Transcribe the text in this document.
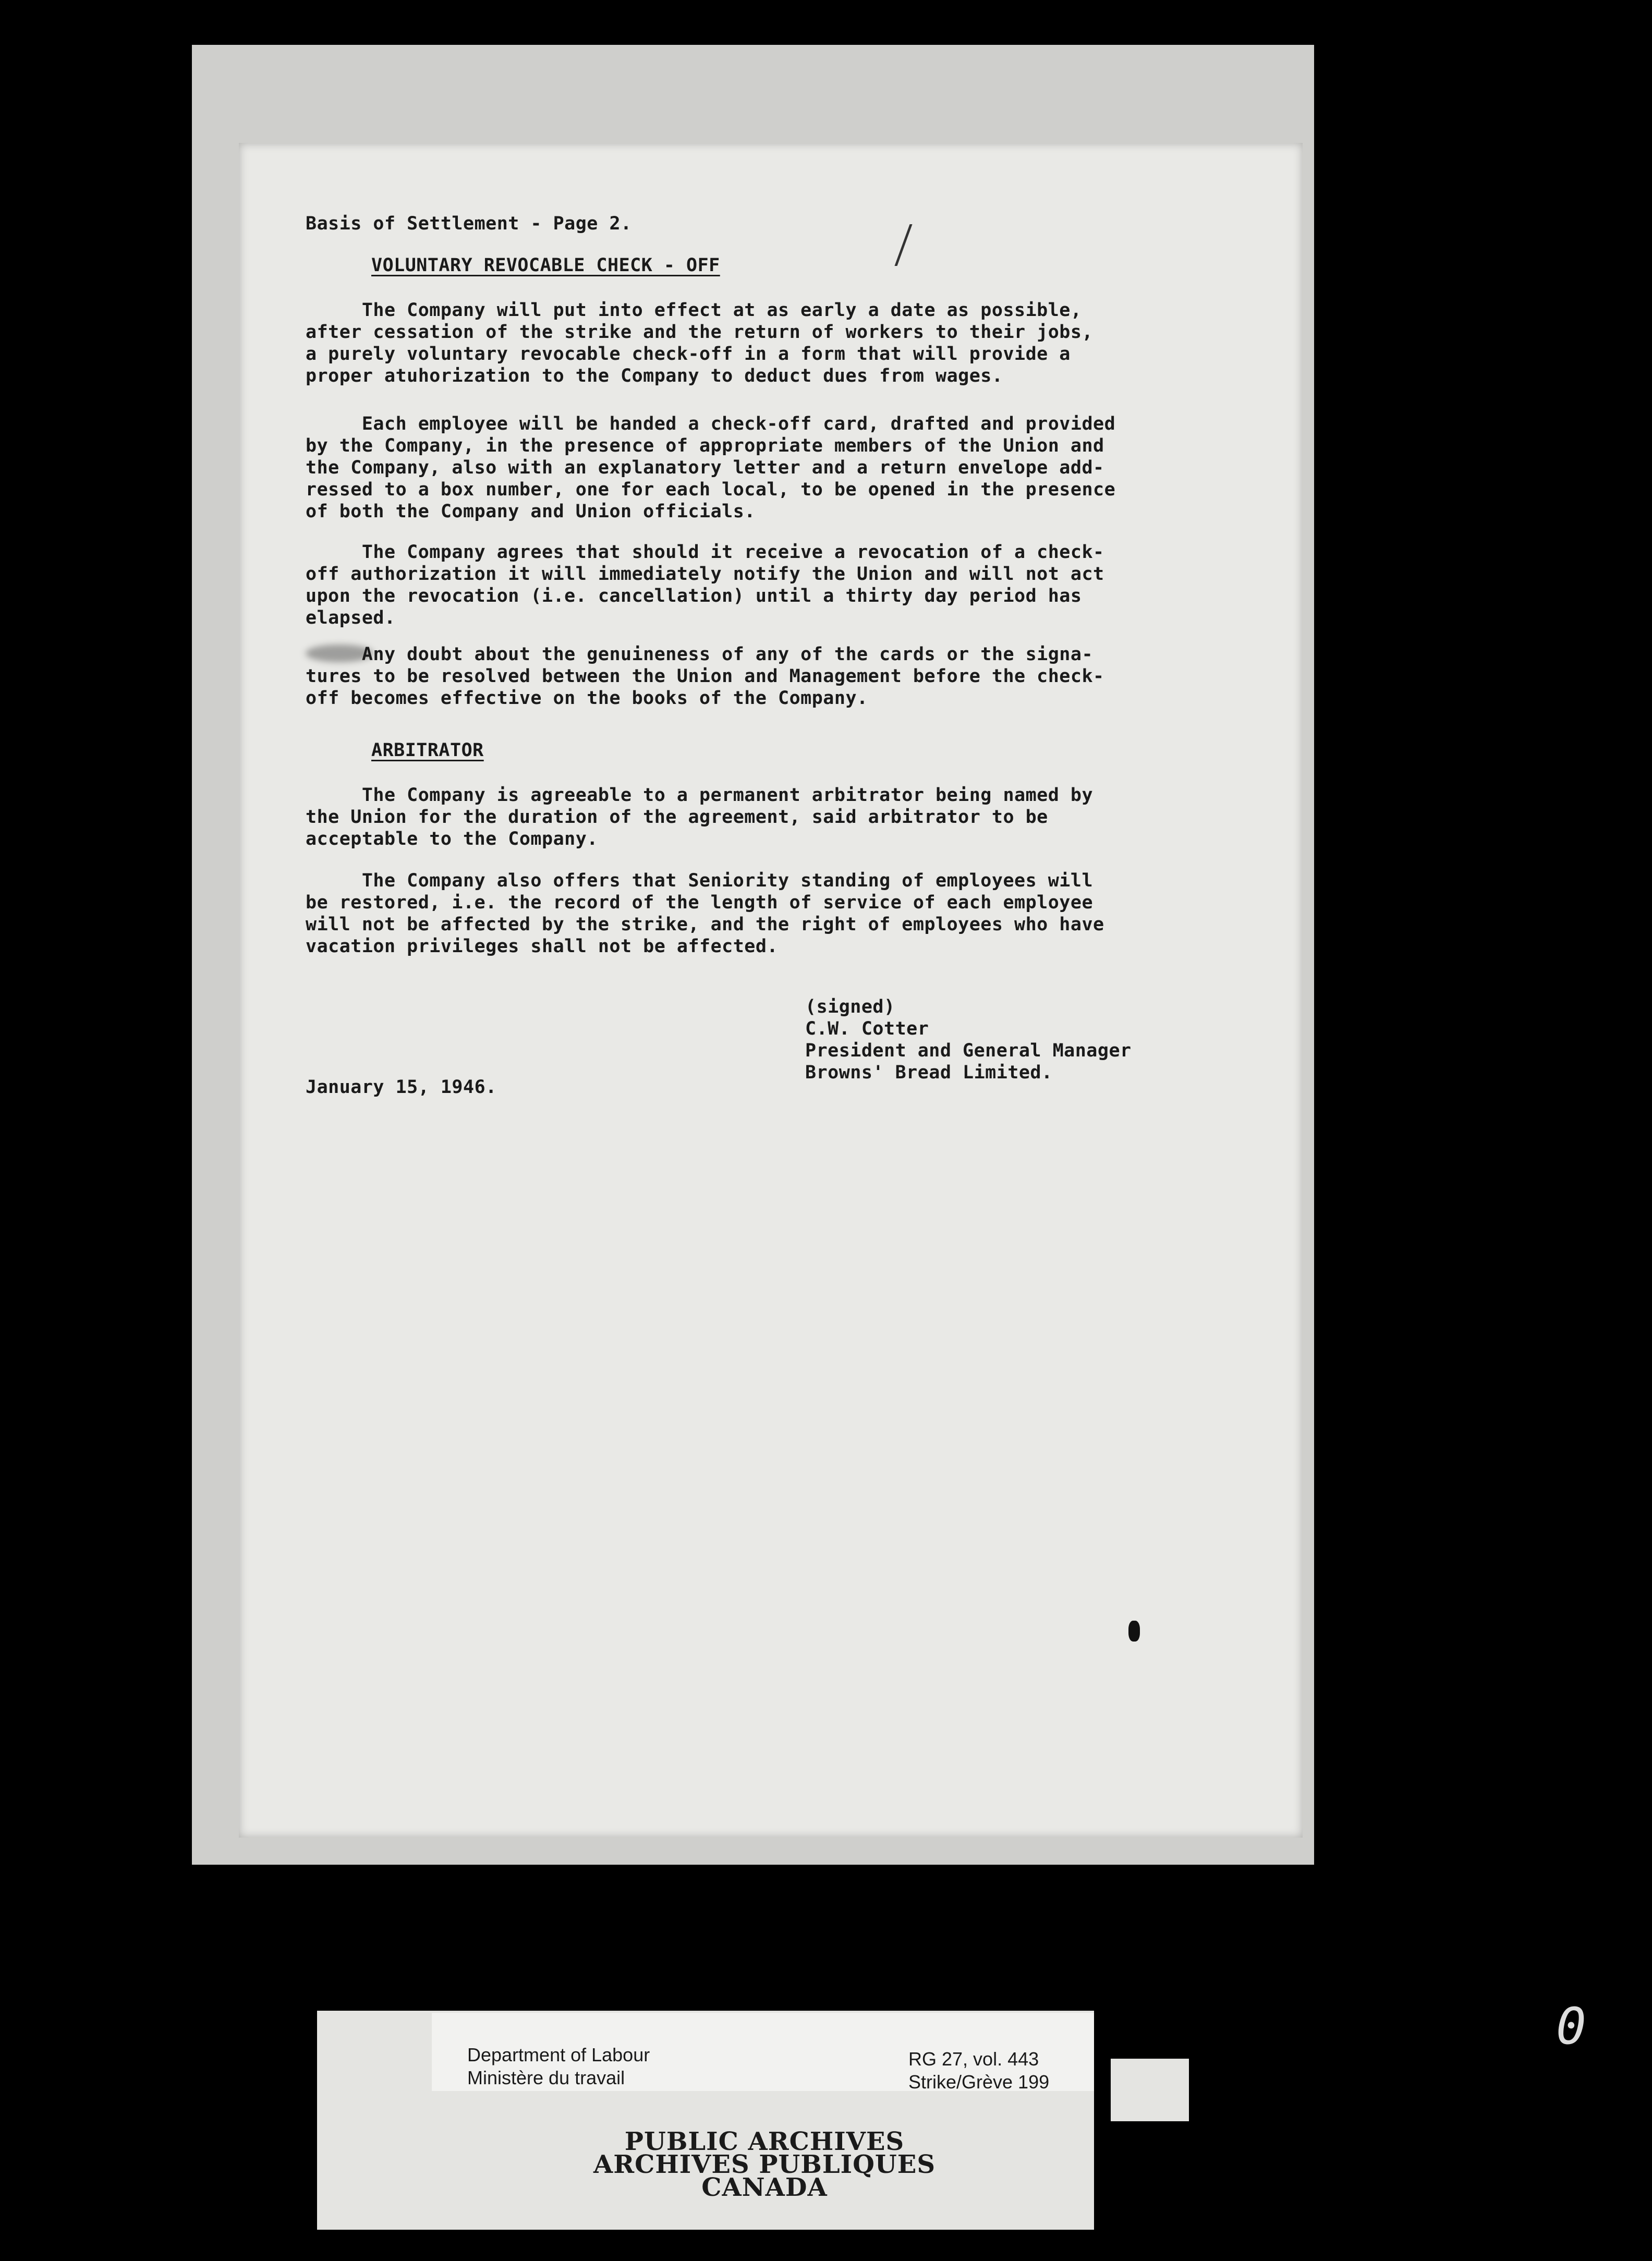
Basis of Settlement - Page 2.
VOLUNTARY REVOCABLE CHECK - OFF
The Company will put into effect at as early a date as possible,
after cessation of the strike and the return of workers to their jobs,
a purely voluntary revocable check-off in a form that will provide a
proper atuhorization to the Company to deduct dues from wages.
Each employee will be handed a check-off card, drafted and provided
by the Company, in the presence of appropriate members of the Union and
the Company, also with an explanatory letter and a return envelope add-
ressed to a box number, one for each local, to be opened in the presence
of both the Company and Union officials.
The Company agrees that should it receive a revocation of a check-
off authorization it will immediately notify the Union and will not act
upon the revocation (i.e. cancellation) until a thirty day period has
elapsed.
Any doubt about the genuineness of any of the cards or the signa-
tures to be resolved between the Union and Management before the check-
off becomes effective on the books of the Company.
ARBITRATOR
The Company is agreeable to a permanent arbitrator being named by
the Union for the duration of the agreement, said arbitrator to be
acceptable to the Company.
The Company also offers that Seniority standing of employees will
be restored, i.e. the record of the length of service of each employee
will not be affected by the strike, and the right of employees who have
vacation privileges shall not be affected.
(signed)
C.W. Cotter
President and General Manager
Browns' Bread Limited.
January 15, 1946.
Department of Labour
Ministère du travail
RG 27, vol. 443
Strike/Grève 199
PUBLIC ARCHIVES
ARCHIVES PUBLIQUES
CANADA
0
